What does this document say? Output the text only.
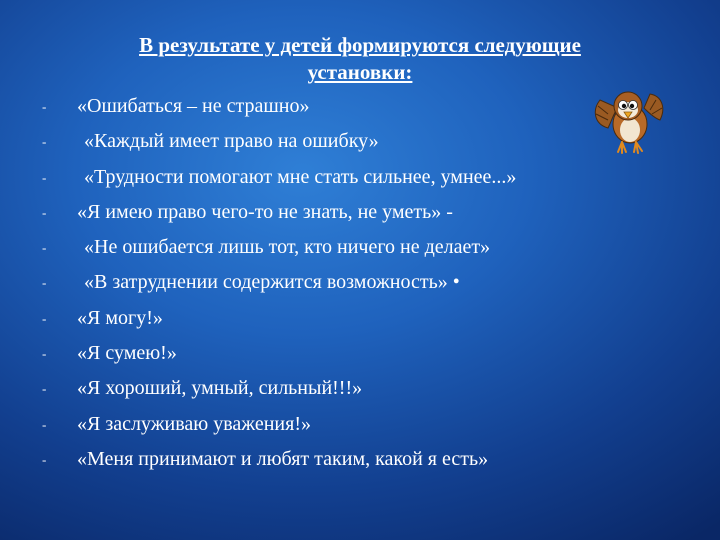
В результате у детей формируются следующие установки:
- «Ошибаться – не страшно»
- «Каждый имеет право на ошибку»
- «Трудности помогают мне стать сильнее, умнее...»
- «Я имею право чего-то не знать, не уметь» -
- «Не ошибается лишь тот, кто ничего не делает»
- «В затруднении содержится возможность» •
- «Я могу!»
- «Я сумею!»
- «Я хороший, умный, сильный!!!»
- «Я заслуживаю уважения!»
- «Меня принимают и любят таким, какой я есть»
